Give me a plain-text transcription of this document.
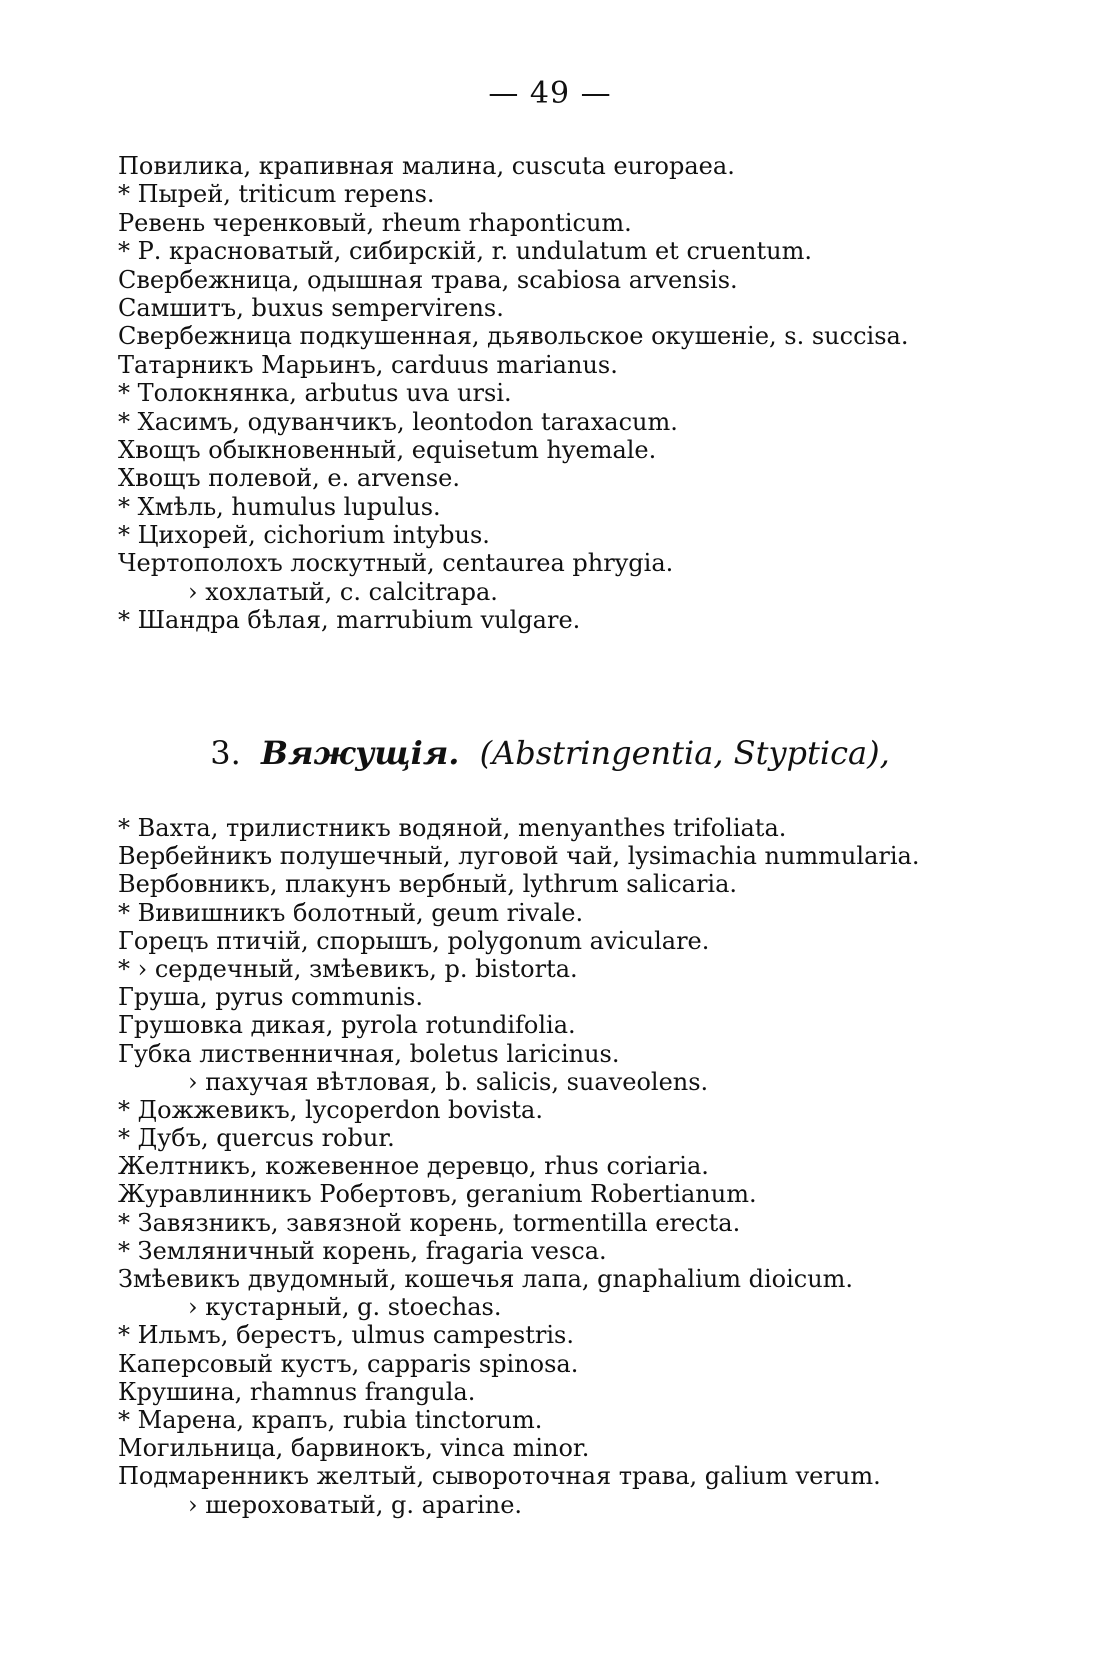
— 49 —
Повилика, крапивная малина, cuscuta europaea.
* Пырей, triticum repens.
Ревень черенковый, rheum rhaponticum.
* Р. красноватый, сибирскій, r. undulatum et cruentum.
Свербежница, одышная трава, scabiosa arvensis.
Самшитъ, buxus sempervirens.
Свербежница подкушенная, дьявольское окушеніе, s. succisa.
Татарникъ Марьинъ, carduus marianus.
* Толокнянка, arbutus uva ursi.
* Хасимъ, одуванчикъ, leontodon taraxacum.
Хвощъ обыкновенный, equisetum hyemale.
Хвощъ полевой, e. arvense.
* Хмѣль, humulus lupulus.
* Цихорей, cichorium intybus.
Чертополохъ лоскутный, centaurea phrygia.
› хохлатый, c. calcitrapa.
* Шандра бѣлая, marrubium vulgare.
3. Вяжущія. (Abstringentia, Styptica),
* Вахта, трилистникъ водяной, menyanthes trifoliata.
Вербейникъ полушечный, луговой чай, lysimachia nummularia.
Вербовникъ, плакунъ вербный, lythrum salicaria.
* Вивишникъ болотный, geum rivale.
Горецъ птичій, спорышъ, polygonum aviculare.
* › сердечный, змѣевикъ, p. bistorta.
Груша, pyrus communis.
Грушовка дикая, pyrola rotundifolia.
Губка лиственничная, boletus laricinus.
› пахучая вѣтловая, b. salicis, suaveolens.
* Дожжевикъ, lycoperdon bovista.
* Дубъ, quercus robur.
Желтникъ, кожевенное деревцо, rhus coriaria.
Журавлинникъ Робертовъ, geranium Robertianum.
* Завязникъ, завязной корень, tormentilla erecta.
* Земляничный корень, fragaria vesca.
Змѣевикъ двудомный, кошечья лапа, gnaphalium dioicum.
› кустарный, g. stoechas.
* Ильмъ, берестъ, ulmus campestris.
Каперсовый кустъ, capparis spinosa.
Крушина, rhamnus frangula.
* Марена, крапъ, rubia tinctorum.
Могильница, барвинокъ, vinca minor.
Подмаренникъ желтый, сывороточная трава, galium verum.
› шероховатый, g. aparine.
